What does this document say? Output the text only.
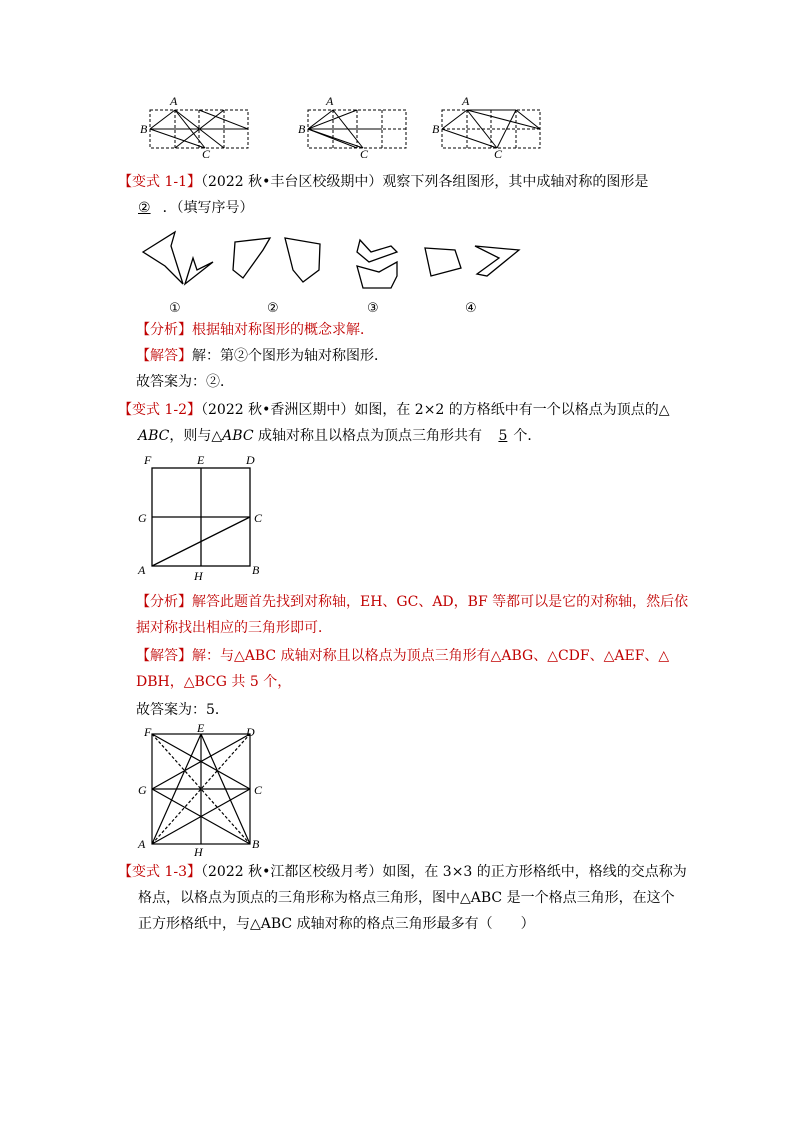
A
B
C
A
B
C
A
B
C
【变式 1-1】（2022 秋•丰台区校级期中）观察下列各组图形，其中成轴对称的图形是
② ．（填写序号）
①	②	③	④
【分析】根据轴对称图形的概念求解．
【解答】解：第②个图形为轴对称图形．
故答案为：②．
【变式 1-2】（2022 秋•香洲区期中）如图，在 2×2 的方格纸中有一个以格点为顶点的△
ABC，则与△ABC 成轴对称且以格点为顶点三角形共有 5 个．
F	E	D
G	C
A	H	B
【分析】解答此题首先找到对称轴，EH、GC、AD，BF 等都可以是它的对称轴，然后依
据对称找出相应的三角形即可．
【解答】解：与△ABC 成轴对称且以格点为顶点三角形有△ABG、△CDF、△AEF、△
DBH，△BCG 共 5 个，
故答案为：5．
F	E	D
G	C
A
H
B
【变式 1-3】（2022 秋•江都区校级月考）如图，在 3×3 的正方形格纸中，格线的交点称为
格点，以格点为顶点的三角形称为格点三角形，图中△ABC 是一个格点三角形，在这个
正方形格纸中，与△ABC 成轴对称的格点三角形最多有（　　）
